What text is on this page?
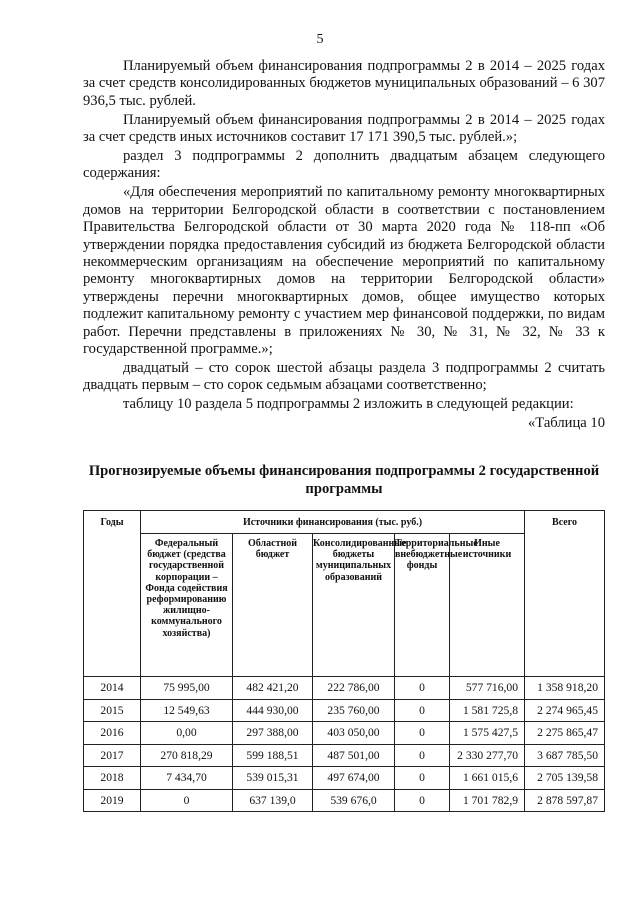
5

Планируемый объем финансирования подпрограммы 2 в 2014 – 2025 годах за счет средств консолидированных бюджетов муниципальных образований – 6 307 936,5 тыс. рублей.

Планируемый объем финансирования подпрограммы 2 в 2014 – 2025 годах за счет средств иных источников составит 17 171 390,5 тыс. рублей.»;

раздел 3 подпрограммы 2 дополнить двадцатым абзацем следующего содержания:

«Для обеспечения мероприятий по капитальному ремонту многоквартирных домов на территории Белгородской области в соответствии с постановлением Правительства Белгородской области от 30 марта 2020 года № 118-пп «Об утверждении порядка предоставления субсидий из бюджета Белгородской области некоммерческим организациям на обеспечение мероприятий по капитальному ремонту многоквартирных домов на территории Белгородской области» утверждены перечни многоквартирных домов, общее имущество которых подлежит капитальному ремонту с участием мер финансовой поддержки, по видам работ. Перечни представлены в приложениях № 30, № 31, № 32, № 33 к государственной программе.»;

двадцатый – сто сорок шестой абзацы раздела 3 подпрограммы 2 считать двадцать первым – сто сорок седьмым абзацами соответственно;

таблицу 10 раздела 5 подпрограммы 2 изложить в следующей редакции:

«Таблица 10

Прогнозируемые объемы финансирования подпрограммы 2 государственной программы
Годы	Источники финансирования (тыс. руб.)					Всего
	Федеральный бюджет (средства государственной корпорации – Фонда содействия реформированию жилищно-коммунального хозяйства)	Областной бюджет	Консолидированные бюджеты муниципальных образований	Территориальные внебюджетные фонды	Иные источники	
2014	75 995,00	482 421,20	222 786,00	0	577 716,00	1 358 918,20
2015	12 549,63	444 930,00	235 760,00	0	1 581 725,8	2 274 965,45
2016	0,00	297 388,00	403 050,00	0	1 575 427,5	2 275 865,47
2017	270 818,29	599 188,51	487 501,00	0	2 330 277,70	3 687 785,50
2018	7 434,70	539 015,31	497 674,00	0	1 661 015,6	2 705 139,58
2019	0	637 139,0	539 676,0	0	1 701 782,9	2 878 597,87
